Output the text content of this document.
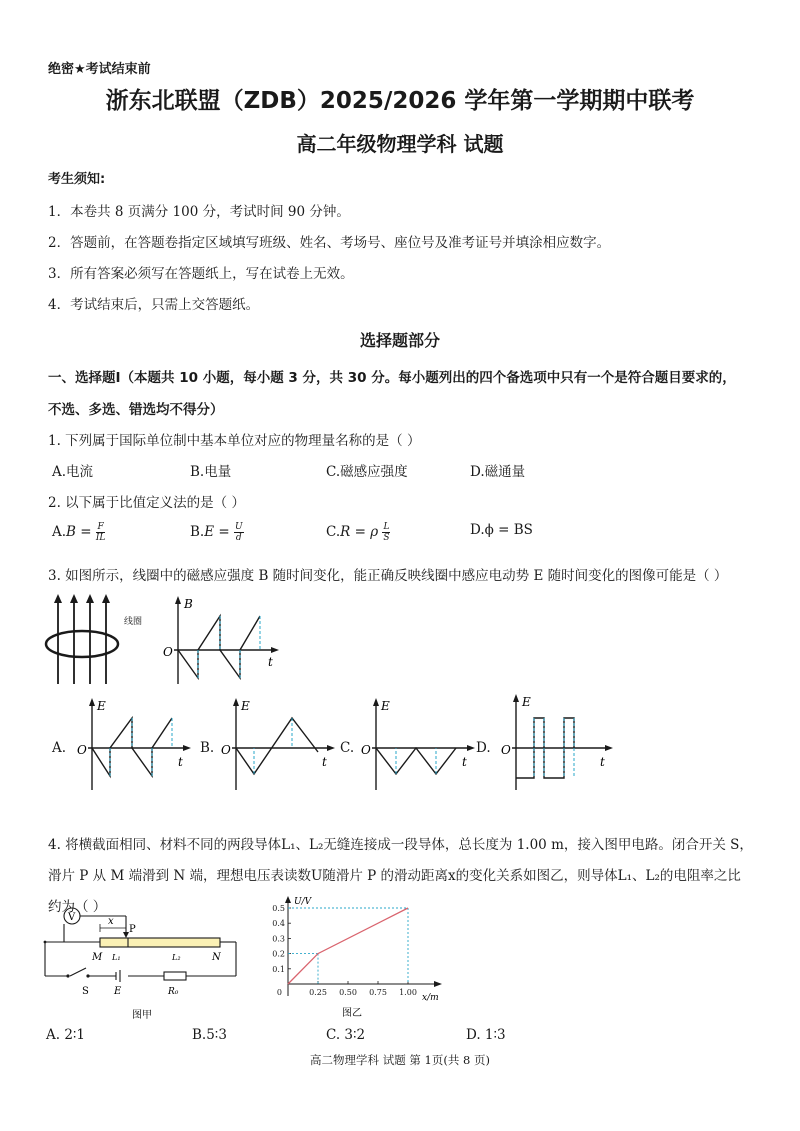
绝密★考试结束前
浙东北联盟（ZDB）2025/2026 学年第一学期期中联考
高二年级物理学科 试题
考生须知:
1．本卷共 8 页满分 100 分，考试时间 90 分钟。
2．答题前，在答题卷指定区域填写班级、姓名、考场号、座位号及准考证号并填涂相应数字。
3．所有答案必须写在答题纸上，写在试卷上无效。
4．考试结束后，只需上交答题纸。
选择题部分
一、选择题Ⅰ（本题共 10 小题，每小题 3 分，共 30 分。每小题列出的四个备选项中只有一个是符合题目要求的，
不选、多选、错选均不得分）
1. 下列属于国际单位制中基本单位对应的物理量名称的是（ ）
A.电流	B.电量	C.磁感应强度	D.磁通量
2. 以下属于比值定义法的是（ ）
$A.B = \frac{F}{IL}$	$B.E = \frac{U}{d}$	C.R = ρ $\frac{L}{S}$	D.ϕ = BS
3. 如图所示，线圈中的磁感应强度 B 随时间变化，能正确反映线圈中感应电动势 E 随时间变化的图像可能是（ ）
线圈
B
O
t
A.	B.	C.	D.
E
O
t
E
O
t
E
O
t
E
O
t
4. 将横截面相同、材料不同的两段导体L₁、L₂无缝连接成一段导体，总长度为 1.00 m，接入图甲电路。闭合开关 S，
滑片 P 从 M 端滑到 N 端，理想电压表读数U随滑片 P 的滑动距离x的变化关系如图乙，则导体L₁、L₂的电阻率之比
约为（ ）
V	x
P
M L₁	L₂	N
S	E	R₀
图甲
U/V
x/m
图乙
0.1
0.2
0.3
0.4
0.5
0	0.25 0.50 0.75 1.00
A. 2∶1	B.5∶3	C. 3∶2	D. 1∶3
高二物理学科 试题 第 1页(共 8 页)
